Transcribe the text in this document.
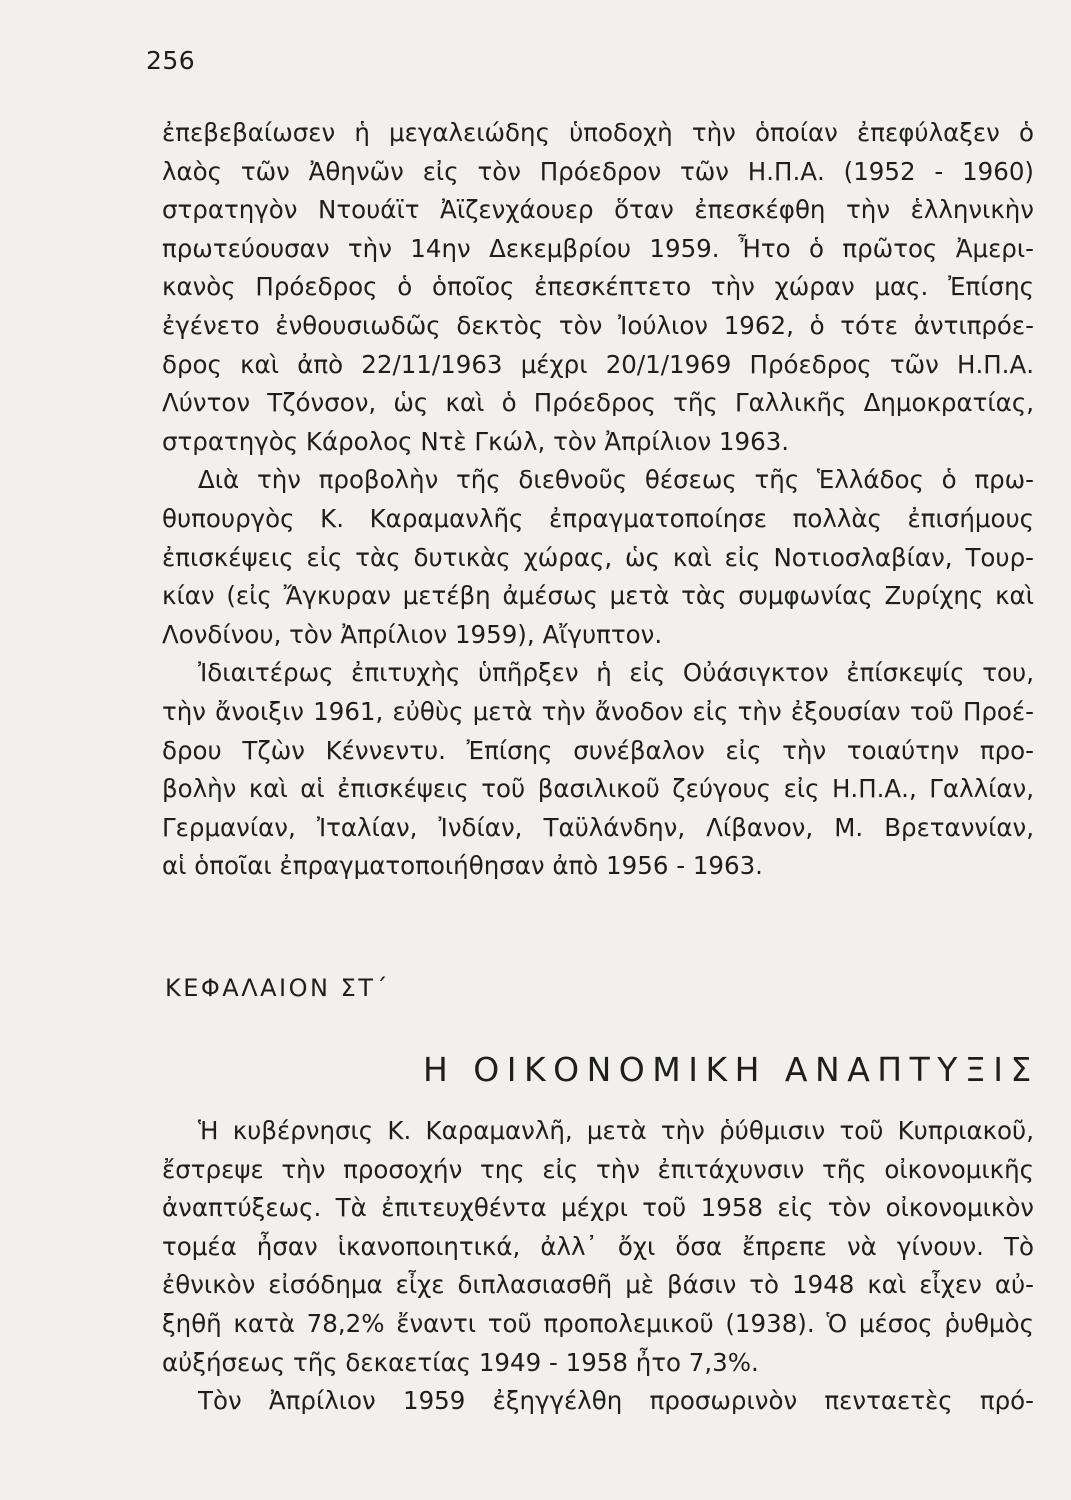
256
ἐπεβεβαίωσεν ἡ μεγαλειώδης ὑποδοχὴ τὴν ὁποίαν ἐπεφύλαξεν ὁ
λαὸς τῶν Ἀθηνῶν εἰς τὸν Πρόεδρον τῶν Η.Π.Α. (1952 - 1960)
στρατηγὸν Ντουάϊτ Ἀϊζενχάουερ ὅταν ἐπεσκέφθη τὴν ἑλληνικὴν
πρωτεύουσαν τὴν 14ην Δεκεμβρίου 1959. Ἦτο ὁ πρῶτος Ἀμερι-
κανὸς Πρόεδρος ὁ ὁποῖος ἐπεσκέπτετο τὴν χώραν μας. Ἐπίσης
ἐγένετο ἐνθουσιωδῶς δεκτὸς τὸν Ἰούλιον 1962, ὁ τότε ἀντιπρόε-
δρος καὶ ἀπὸ 22/11/1963 μέχρι 20/1/1969 Πρόεδρος τῶν Η.Π.Α.
Λύντον Τζόνσον, ὡς καὶ ὁ Πρόεδρος τῆς Γαλλικῆς Δημοκρατίας,
στρατηγὸς Κάρολος Ντὲ Γκώλ, τὸν Ἀπρίλιον 1963.
Διὰ τὴν προβολὴν τῆς διεθνοῦς θέσεως τῆς Ἑλλάδος ὁ πρω-
θυπουργὸς Κ. Καραμανλῆς ἐπραγματοποίησε πολλὰς ἐπισήμους
ἐπισκέψεις εἰς τὰς δυτικὰς χώρας, ὡς καὶ εἰς Νοτιοσλαβίαν, Τουρ-
κίαν (εἰς Ἄγκυραν μετέβη ἀμέσως μετὰ τὰς συμφωνίας Ζυρίχης καὶ
Λονδίνου, τὸν Ἀπρίλιον 1959), Αἴγυπτον.
Ἰδιαιτέρως ἐπιτυχὴς ὑπῆρξεν ἡ εἰς Οὐάσιγκτον ἐπίσκεψίς του,
τὴν ἄνοιξιν 1961, εὐθὺς μετὰ τὴν ἄνοδον εἰς τὴν ἐξουσίαν τοῦ Προέ-
δρου Τζὼν Κέννεντυ. Ἐπίσης συνέβαλον εἰς τὴν τοιαύτην προ-
βολὴν καὶ αἱ ἐπισκέψεις τοῦ βασιλικοῦ ζεύγους εἰς Η.Π.Α., Γαλλίαν,
Γερμανίαν, Ἰταλίαν, Ἰνδίαν, Ταϋλάνδην, Λίβανον, Μ. Βρεταννίαν,
αἱ ὁποῖαι ἐπραγματοποιήθησαν ἀπὸ 1956 - 1963.
ΚΕΦΑΛΑΙΟΝ ΣΤ´
Η ΟΙΚΟΝΟΜΙΚΗ ΑΝΑΠΤΥΞΙΣ
Ἡ κυβέρνησις Κ. Καραμανλῆ, μετὰ τὴν ῥύθμισιν τοῦ Κυπριακοῦ,
ἔστρεψε τὴν προσοχήν της εἰς τὴν ἐπιτάχυνσιν τῆς οἰκονομικῆς
ἀναπτύξεως. Τὰ ἐπιτευχθέντα μέχρι τοῦ 1958 εἰς τὸν οἰκονομικὸν
τομέα ἦσαν ἱκανοποιητικά, ἀλλ᾽ ὄχι ὅσα ἔπρεπε νὰ γίνουν. Τὸ
ἐθνικὸν εἰσόδημα εἶχε διπλασιασθῆ μὲ βάσιν τὸ 1948 καὶ εἶχεν αὐ-
ξηθῆ κατὰ 78,2% ἔναντι τοῦ προπολεμικοῦ (1938). Ὁ μέσος ῥυθμὸς
αὐξήσεως τῆς δεκαετίας 1949 - 1958 ἦτο 7,3%.
Τὸν Ἀπρίλιον 1959 ἐξηγγέλθη προσωρινὸν πενταετὲς πρό-
